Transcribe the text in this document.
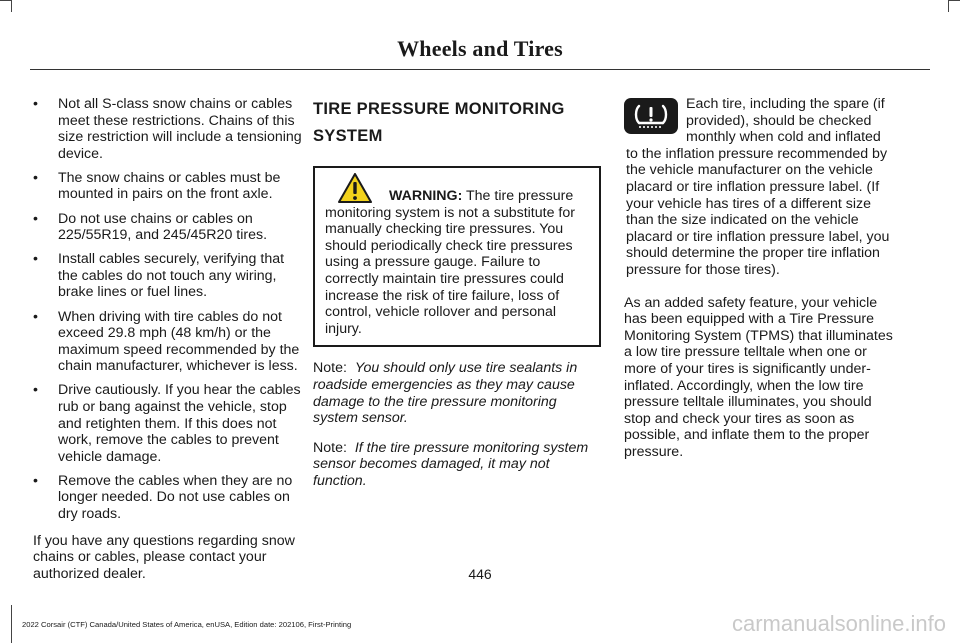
Wheels and Tires
• Not all S-class snow chains or cables meet these restrictions. Chains of this size restriction will include a tensioning device.
• The snow chains or cables must be mounted in pairs on the front axle.
• Do not use chains or cables on 225/55R19, and 245/45R20 tires.
• Install cables securely, verifying that the cables do not touch any wiring, brake lines or fuel lines.
• When driving with tire cables do not exceed 29.8 mph (48 km/h) or the maximum speed recommended by the chain manufacturer, whichever is less.
• Drive cautiously. If you hear the cables rub or bang against the vehicle, stop and retighten them. If this does not work, remove the cables to prevent vehicle damage.
• Remove the cables when they are no longer needed. Do not use cables on dry roads.

If you have any questions regarding snow chains or cables, please contact your authorized dealer.

TIRE PRESSURE MONITORING
SYSTEM

WARNING: The tire pressure monitoring system is not a substitute for manually checking tire pressures. You should periodically check tire pressures using a pressure gauge. Failure to correctly maintain tire pressures could increase the risk of tire failure, loss of control, vehicle rollover and personal injury.

Note: You should only use tire sealants in roadside emergencies as they may cause damage to the tire pressure monitoring system sensor.

Note: If the tire pressure monitoring system sensor becomes damaged, it may not function.

Each tire, including the spare (if provided), should be checked monthly when cold and inflated to the inflation pressure recommended by the vehicle manufacturer on the vehicle placard or tire inflation pressure label. (If your vehicle has tires of a different size than the size indicated on the vehicle placard or tire inflation pressure label, you should determine the proper tire inflation pressure for those tires).

As an added safety feature, your vehicle has been equipped with a Tire Pressure Monitoring System (TPMS) that illuminates a low tire pressure telltale when one or more of your tires is significantly under-inflated. Accordingly, when the low tire pressure telltale illuminates, you should stop and check your tires as soon as possible, and inflate them to the proper pressure.

446
2022 Corsair (CTF) Canada/United States of America, enUSA, Edition date: 202106, First-Printing	carmanualsonline.info
